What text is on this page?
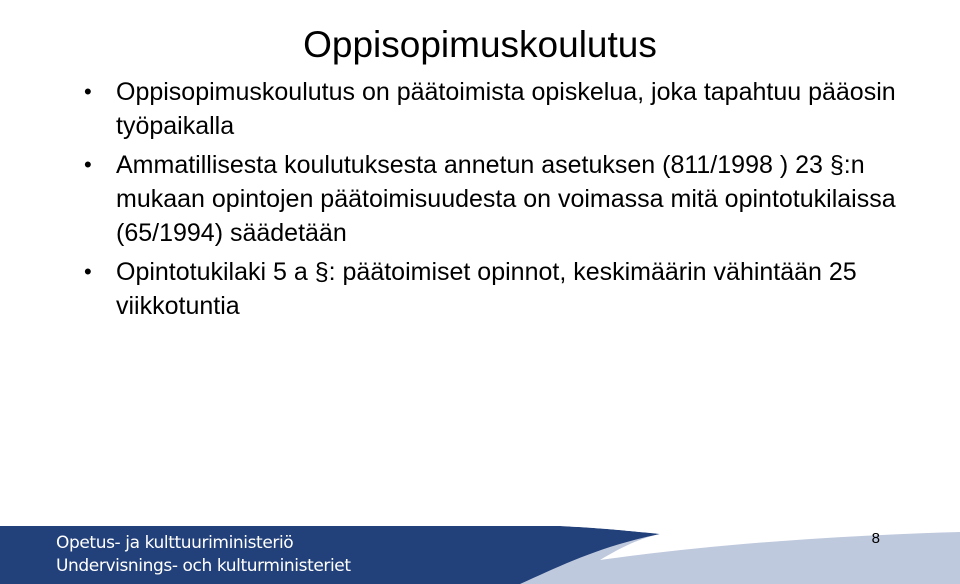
Oppisopimuskoulutus
• Oppisopimuskoulutus on päätoimista opiskelua, joka tapahtuu pääosin työpaikalla
• Ammatillisesta koulutuksesta annetun asetuksen (811/1998 ) 23 §:n mukaan opintojen päätoimisuudesta on voimassa mitä opintotukilaissa (65/1994) säädetään
• Opintotukilaki 5 a §: päätoimiset opinnot, keskimäärin vähintään 25 viikkotuntia
Opetus- ja kulttuuriministeriö
Undervisnings- och kulturministeriet
8
